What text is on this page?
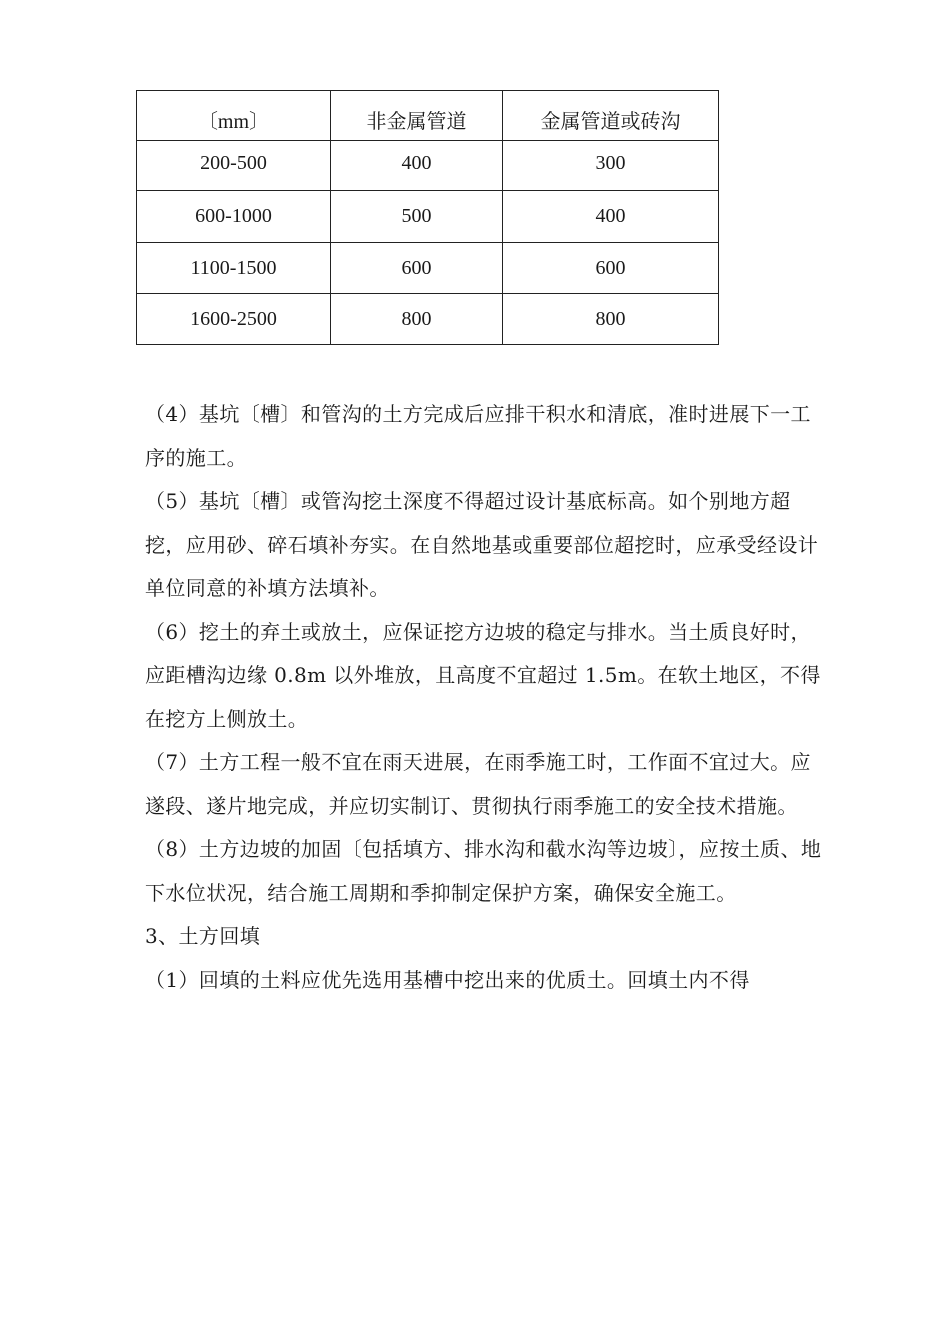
〔mm〕	非金属管道	金属管道或砖沟
200-500	400	300
600-1000	500	400
1100-1500	600	600
1600-2500	800	800

（4）基坑〔槽〕和管沟的土方完成后应排干积水和清底，准时进展下一工序的施工。

（5）基坑〔槽〕或管沟挖土深度不得超过设计基底标高。如个别地方超挖，应用砂、碎石填补夯实。在自然地基或重要部位超挖时，应承受经设计单位同意的补填方法填补。

（6）挖土的弃土或放土，应保证挖方边坡的稳定与排水。当土质良好时，应距槽沟边缘 0.8m 以外堆放，且高度不宜超过 1.5m。在软土地区，不得在挖方上侧放土。

（7）土方工程一般不宜在雨天进展，在雨季施工时，工作面不宜过大。应遂段、遂片地完成，并应切实制订、贯彻执行雨季施工的安全技术措施。

（8）土方边坡的加固〔包括填方、排水沟和截水沟等边坡〕，应按土质、地下水位状况，结合施工周期和季抑制定保护方案，确保安全施工。

3、土方回填

（1）回填的土料应优先选用基槽中挖出来的优质土。回填土内不得
